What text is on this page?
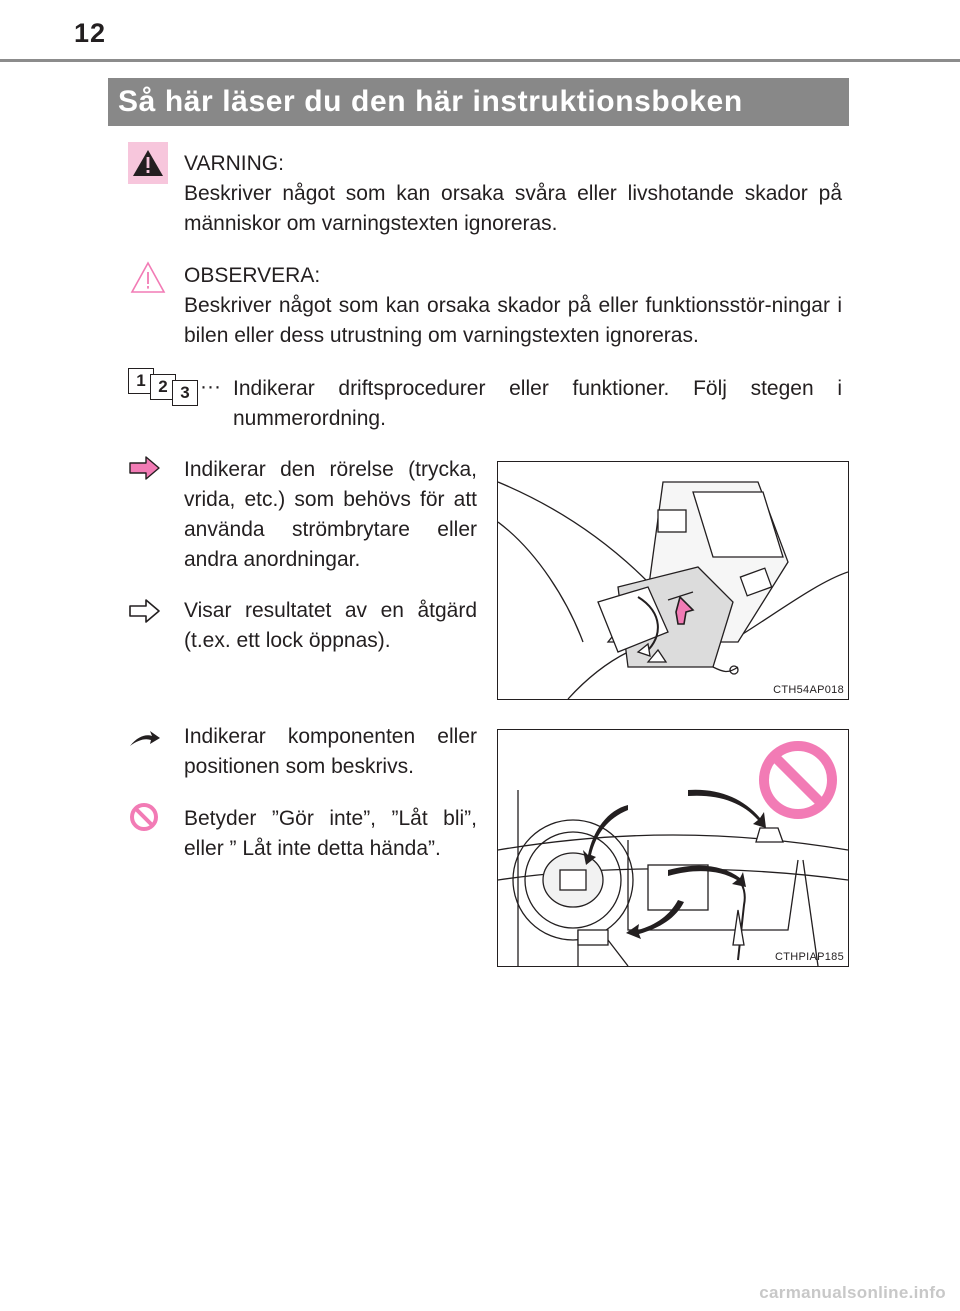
12
Så här läser du den här instruktionsboken
VARNING:
Beskriver något som kan orsaka svåra eller livshotande skador på människor om varningstexten ignoreras.
OBSERVERA:
Beskriver något som kan orsaka skador på eller funktionsstör-ningar i bilen eller dess utrustning om varningstexten ignoreras.
1 2 3 ··· Indikerar driftsprocedurer eller funktioner. Följ stegen i nummerordning.
Indikerar den rörelse (trycka, vrida, etc.) som behövs för att använda strömbrytare eller andra anordningar.
Visar resultatet av en åtgärd (t.ex. ett lock öppnas).
CTH54AP018
Indikerar komponenten eller positionen som beskrivs.
Betyder ”Gör inte”, ”Låt bli”, eller ” Låt inte detta hända”.
CTHPIAP185
carmanualsonline.info
